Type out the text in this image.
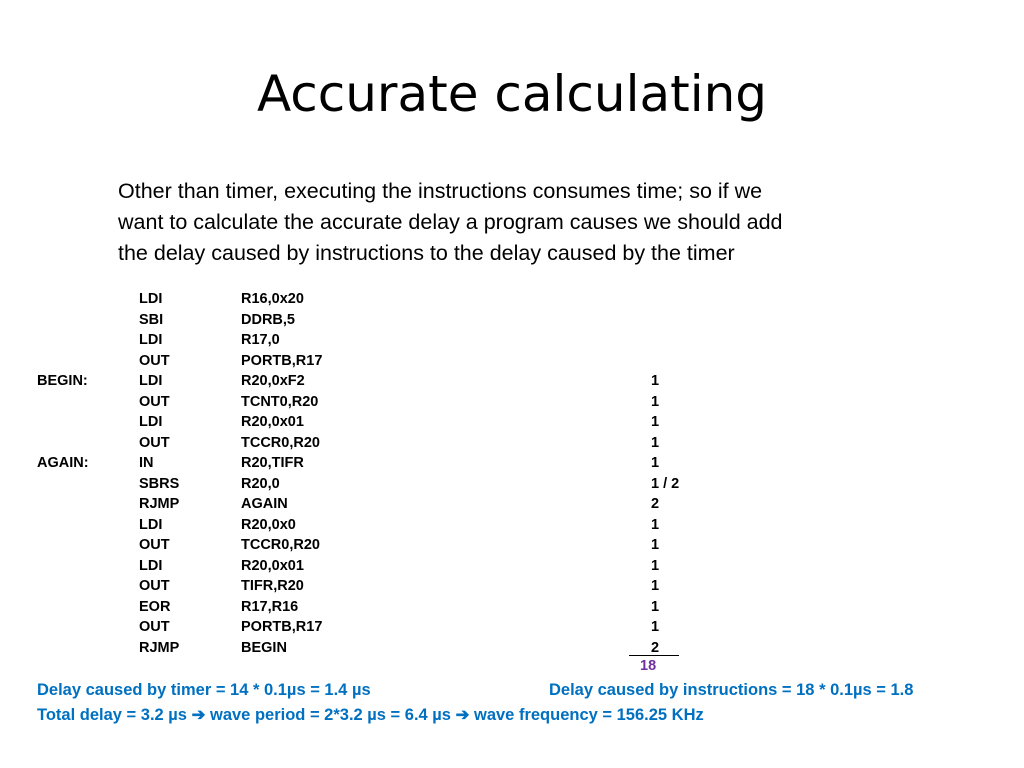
Accurate calculating
Other than timer, executing the instructions consumes time; so if we
want to calculate the accurate delay a program causes we should add
the delay caused by instructions to the delay caused by the timer
LDI	R16,0x20
SBI	DDRB,5
LDI	R17,0
OUT	PORTB,R17
BEGIN:	LDI	R20,0xF2	1
OUT	TCNT0,R20	1
LDI	R20,0x01	1
OUT	TCCR0,R20	1
AGAIN:	IN	R20,TIFR	1
SBRS	R20,0	1 / 2
RJMP	AGAIN	2
LDI	R20,0x0	1
OUT	TCCR0,R20	1
LDI	R20,0x01	1
OUT	TIFR,R20	1
EOR	R17,R16	1
OUT	PORTB,R17	1
RJMP	BEGIN	2
18
Delay caused by timer = 14 * 0.1µs = 1.4 µs	Delay caused by instructions = 18 * 0.1µs = 1.8
Total delay = 3.2 µs ➔ wave period = 2*3.2 µs = 6.4 µs ➔ wave frequency = 156.25 KHz
